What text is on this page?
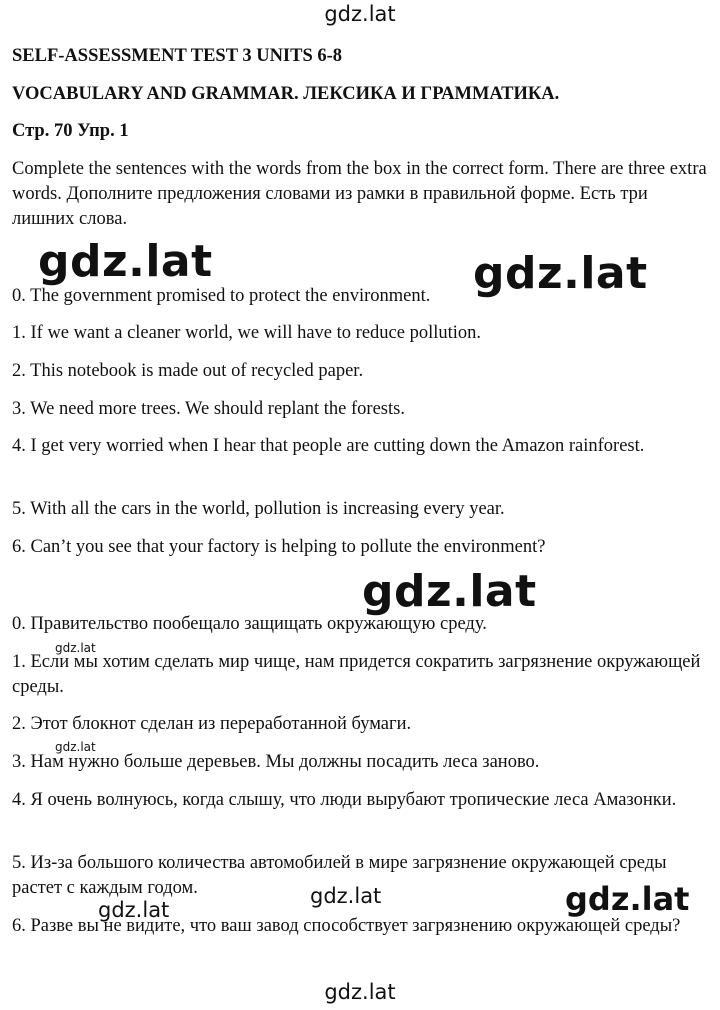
gdz.lat
SELF-ASSESSMENT TEST 3 UNITS 6-8
VOCABULARY AND GRAMMAR. ЛЕКСИКА И ГРАММАТИКА.
Стр. 70 Упр. 1
Complete the sentences with the words from the box in the correct form. There are three extra words. Дополните предложения словами из рамки в правильной форме. Есть три лишних слова.
0. The government promised to protect the environment.
1. If we want a cleaner world, we will have to reduce pollution.
2. This notebook is made out of recycled paper.
3. We need more trees. We should replant the forests.
4. I get very worried when I hear that people are cutting down the Amazon rainforest.
5. With all the cars in the world, pollution is increasing every year.
6. Can’t you see that your factory is helping to pollute the environment?
0. Правительство пообещало защищать окружающую среду.
1. Если мы хотим сделать мир чище, нам придется сократить загрязнение окружающей среды.
2. Этот блокнот сделан из переработанной бумаги.
3. Нам нужно больше деревьев. Мы должны посадить леса заново.
4. Я очень волнуюсь, когда слышу, что люди вырубают тропические леса Амазонки.
5. Из-за большого количества автомобилей в мире загрязнение окружающей среды растет с каждым годом.
6. Разве вы не видите, что ваш завод способствует загрязнению окружающей среды?
gdz.lat	gdz.lat
gdz.lat
gdz.lat
gdz.lat
gdz.lat
gdz.lat	gdz.lat
gdz.lat
